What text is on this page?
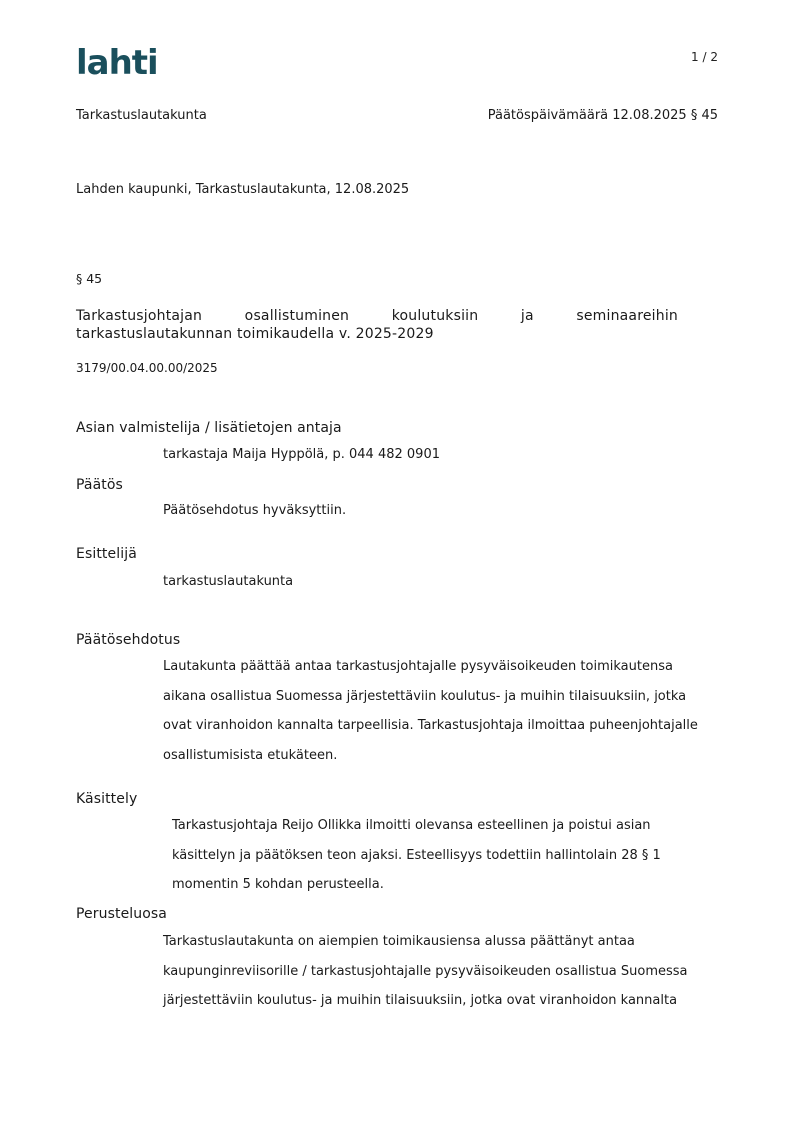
lahti	1 / 2
Tarkastuslautakunta	Päätöspäivämäärä 12.08.2025 § 45
Lahden kaupunki, Tarkastuslautakunta, 12.08.2025
§ 45
Tarkastusjohtajan osallistuminen koulutuksiin ja seminaareihin tarkastuslautakunnan toimikaudella v. 2025-2029
3179/00.04.00.00/2025
Asian valmistelija / lisätietojen antaja
tarkastaja Maija Hyppölä, p. 044 482 0901
Päätös
Päätösehdotus hyväksyttiin.
Esittelijä
tarkastuslautakunta
Päätösehdotus
Lautakunta päättää antaa tarkastusjohtajalle pysyväisoikeuden toimikautensa
aikana osallistua Suomessa järjestettäviin koulutus- ja muihin tilaisuuksiin, jotka
ovat viranhoidon kannalta tarpeellisia. Tarkastusjohtaja ilmoittaa puheenjohtajalle
osallistumisista etukäteen.
Käsittely
Tarkastusjohtaja Reijo Ollikka ilmoitti olevansa esteellinen ja poistui asian
käsittelyn ja päätöksen teon ajaksi. Esteellisyys todettiin hallintolain 28 § 1
momentin 5 kohdan perusteella.
Perusteluosa
Tarkastuslautakunta on aiempien toimikausiensa alussa päättänyt antaa
kaupunginreviisorille / tarkastusjohtajalle pysyväisoikeuden osallistua Suomessa
järjestettäviin koulutus- ja muihin tilaisuuksiin, jotka ovat viranhoidon kannalta
